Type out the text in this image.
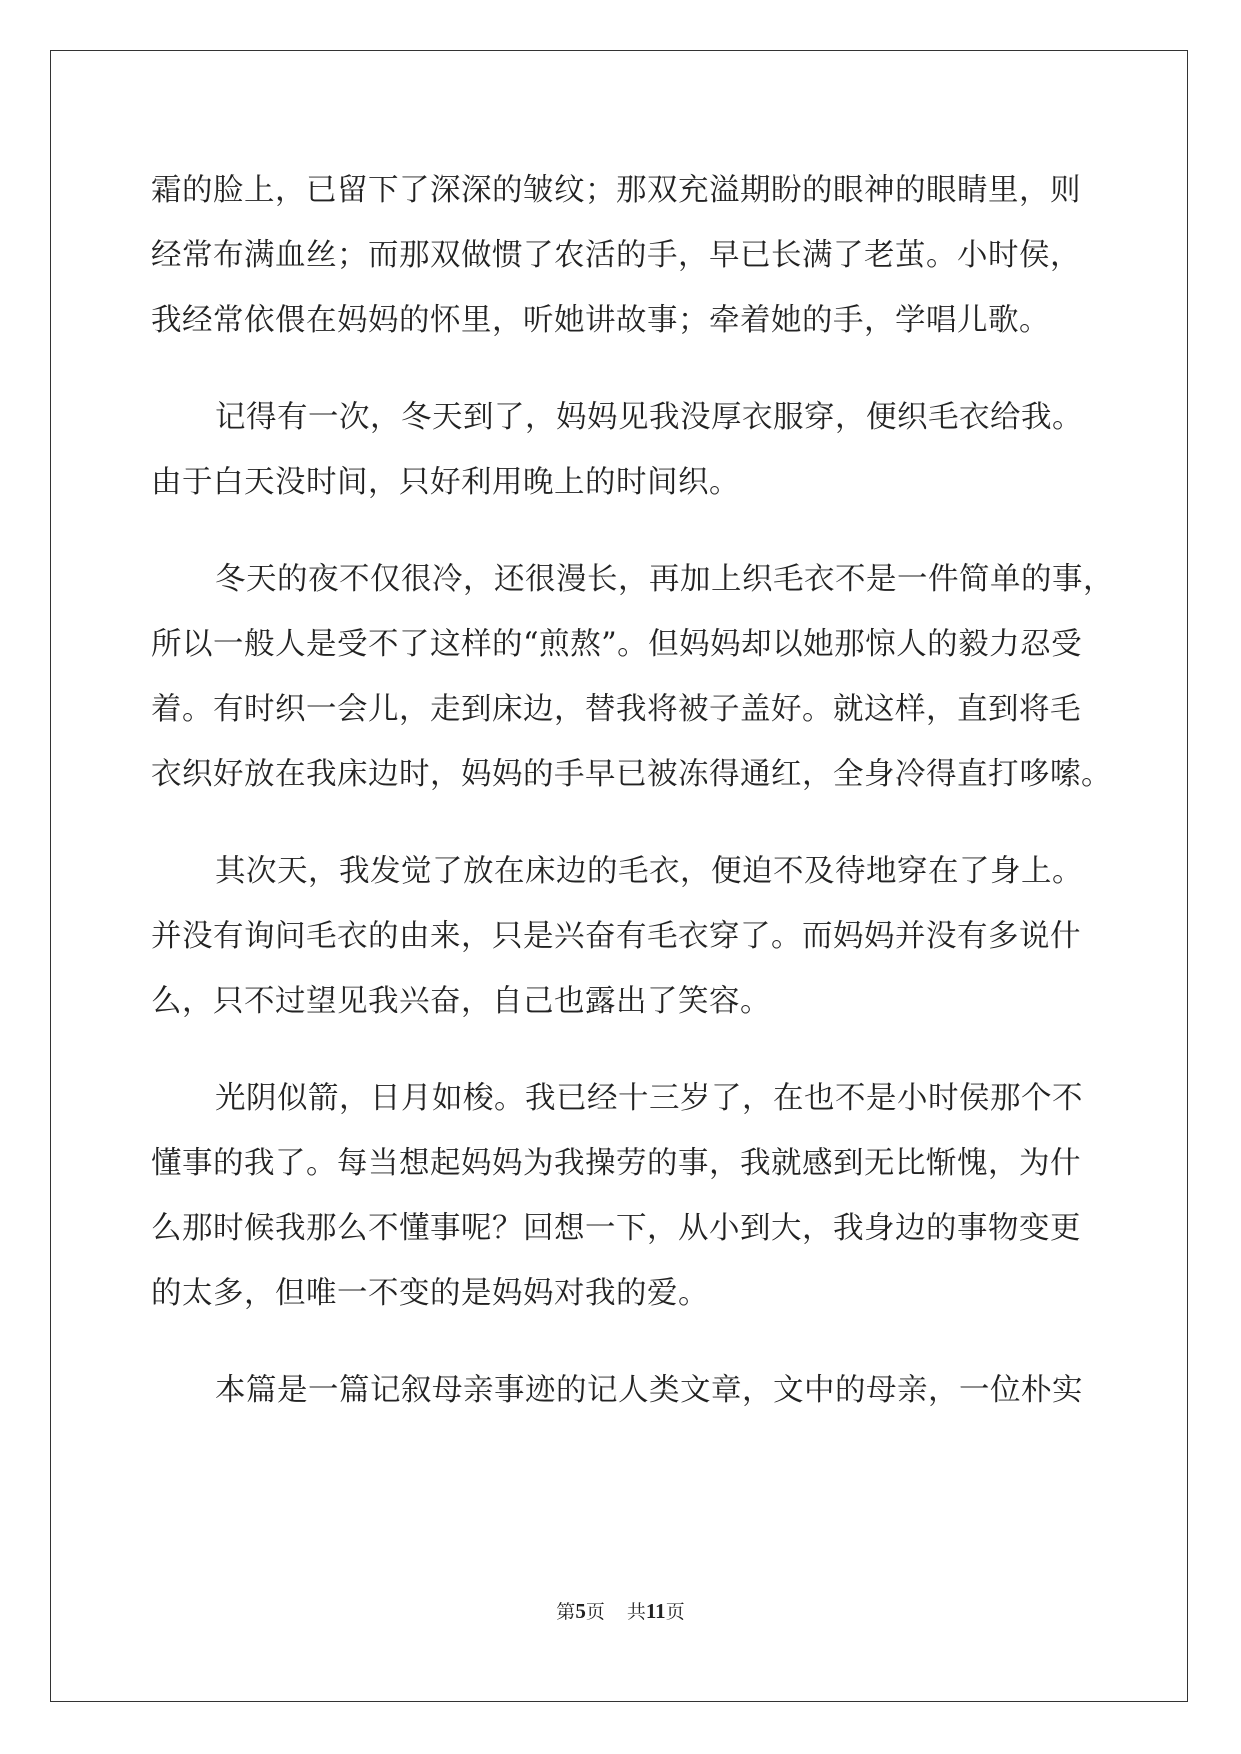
霜的脸上，已留下了深深的皱纹；那双充溢期盼的眼神的眼睛里，则
经常布满血丝；而那双做惯了农活的手，早已长满了老茧。小时侯，
我经常依偎在妈妈的怀里，听她讲故事；牵着她的手，学唱儿歌。
记得有一次，冬天到了，妈妈见我没厚衣服穿，便织毛衣给我。
由于白天没时间，只好利用晚上的时间织。
冬天的夜不仅很冷，还很漫长，再加上织毛衣不是一件简单的事，
所以一般人是受不了这样的“煎熬”。但妈妈却以她那惊人的毅力忍受
着。有时织一会儿，走到床边，替我将被子盖好。就这样，直到将毛
衣织好放在我床边时，妈妈的手早已被冻得通红，全身冷得直打哆嗦。
其次天，我发觉了放在床边的毛衣，便迫不及待地穿在了身上。
并没有询问毛衣的由来，只是兴奋有毛衣穿了。而妈妈并没有多说什
么，只不过望见我兴奋，自己也露出了笑容。
光阴似箭，日月如梭。我已经十三岁了，在也不是小时侯那个不
懂事的我了。每当想起妈妈为我操劳的事，我就感到无比惭愧，为什
么那时候我那么不懂事呢？回想一下，从小到大，我身边的事物变更
的太多，但唯一不变的是妈妈对我的爱。
本篇是一篇记叙母亲事迹的记人类文章，文中的母亲，一位朴实
第5页 共11页
